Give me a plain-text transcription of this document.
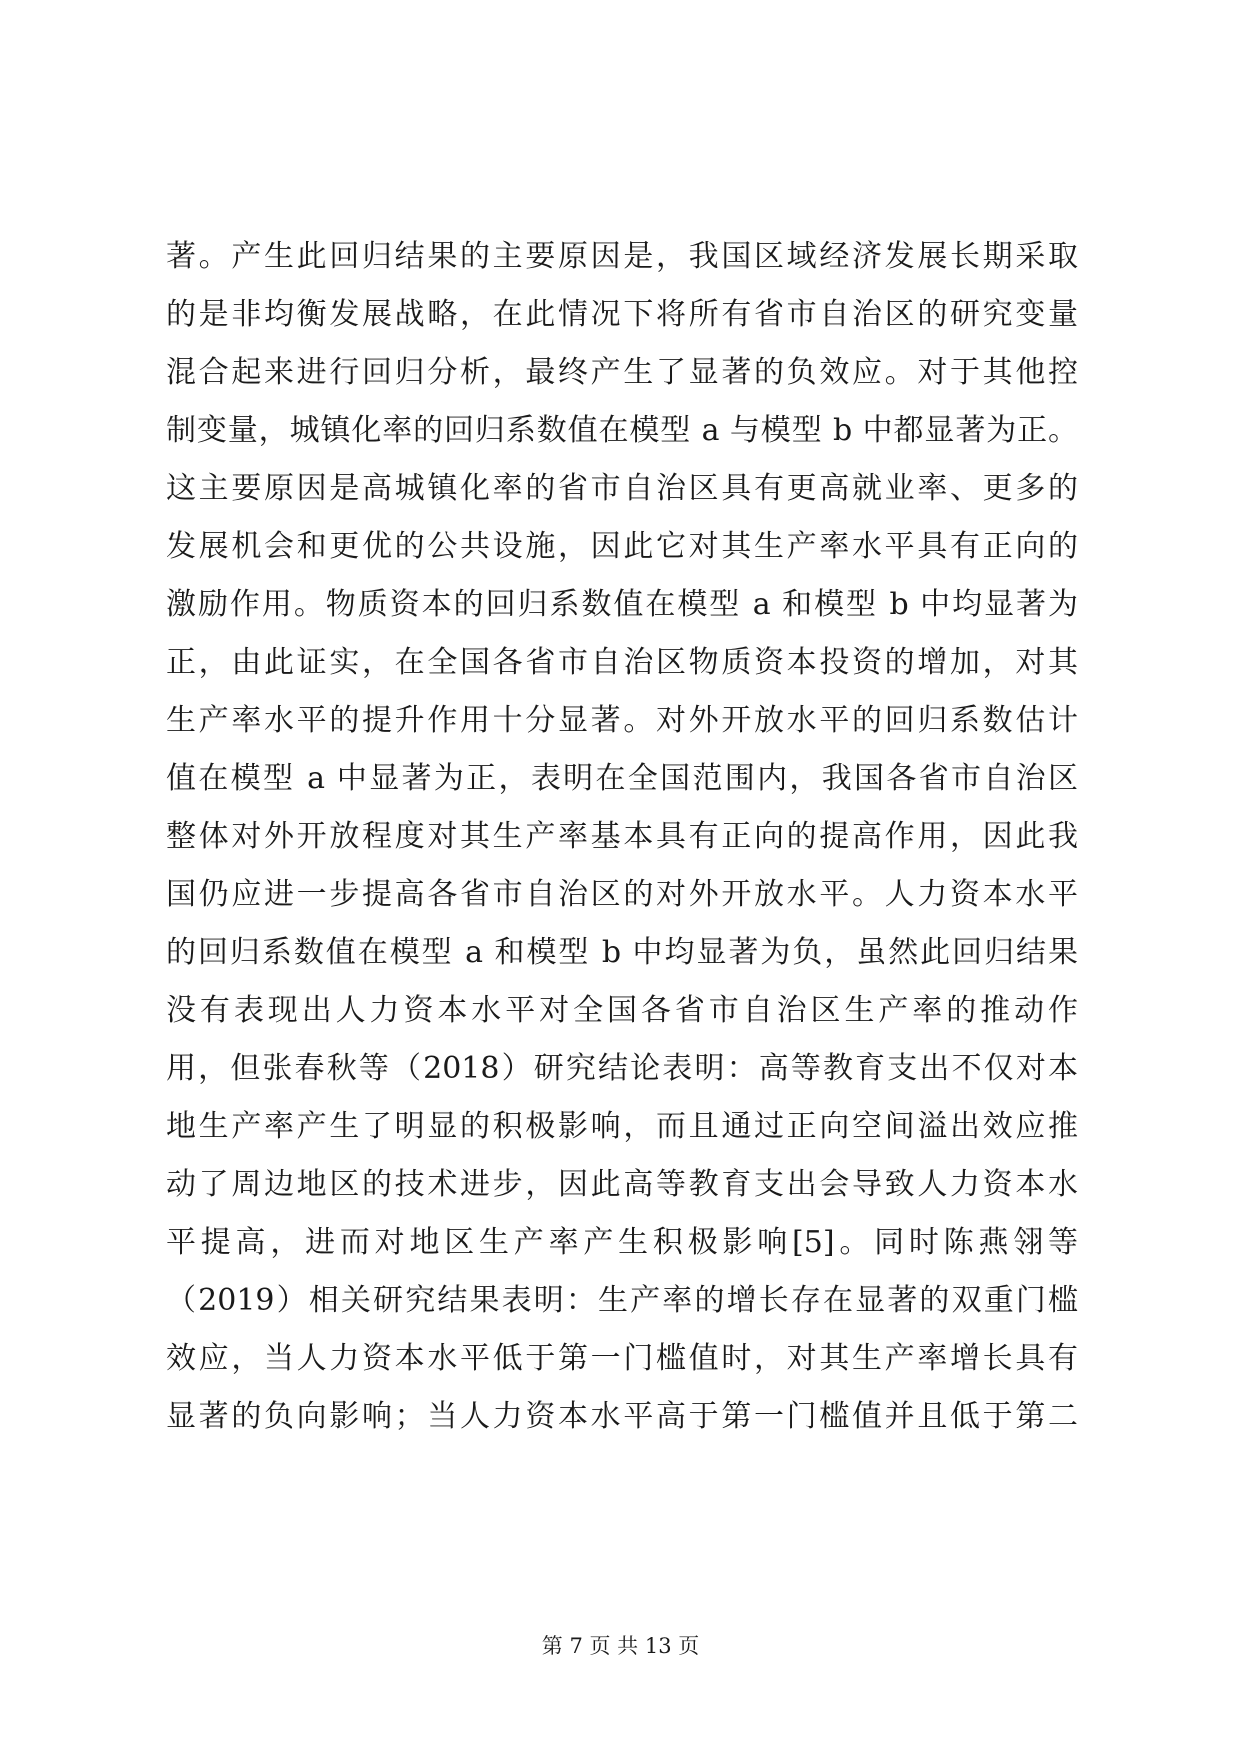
著。产生此回归结果的主要原因是，我国区域经济发展长期采取
的是非均衡发展战略，在此情况下将所有省市自治区的研究变量
混合起来进行回归分析，最终产生了显著的负效应。对于其他控
制变量，城镇化率的回归系数值在模型 a 与模型 b 中都显著为正。
这主要原因是高城镇化率的省市自治区具有更高就业率、更多的
发展机会和更优的公共设施，因此它对其生产率水平具有正向的
激励作用。物质资本的回归系数值在模型 a 和模型 b 中均显著为
正，由此证实，在全国各省市自治区物质资本投资的增加，对其
生产率水平的提升作用十分显著。对外开放水平的回归系数估计
值在模型 a 中显著为正，表明在全国范围内，我国各省市自治区
整体对外开放程度对其生产率基本具有正向的提高作用，因此我
国仍应进一步提高各省市自治区的对外开放水平。人力资本水平
的回归系数值在模型 a 和模型 b 中均显著为负，虽然此回归结果
没有表现出人力资本水平对全国各省市自治区生产率的推动作
用，但张春秋等（2018）研究结论表明：高等教育支出不仅对本
地生产率产生了明显的积极影响，而且通过正向空间溢出效应推
动了周边地区的技术进步，因此高等教育支出会导致人力资本水
平提高，进而对地区生产率产生积极影响[5]。同时陈燕翎等
（2019）相关研究结果表明：生产率的增长存在显著的双重门槛
效应，当人力资本水平低于第一门槛值时，对其生产率增长具有
显著的负向影响；当人力资本水平高于第一门槛值并且低于第二
第 7 页 共 13 页
